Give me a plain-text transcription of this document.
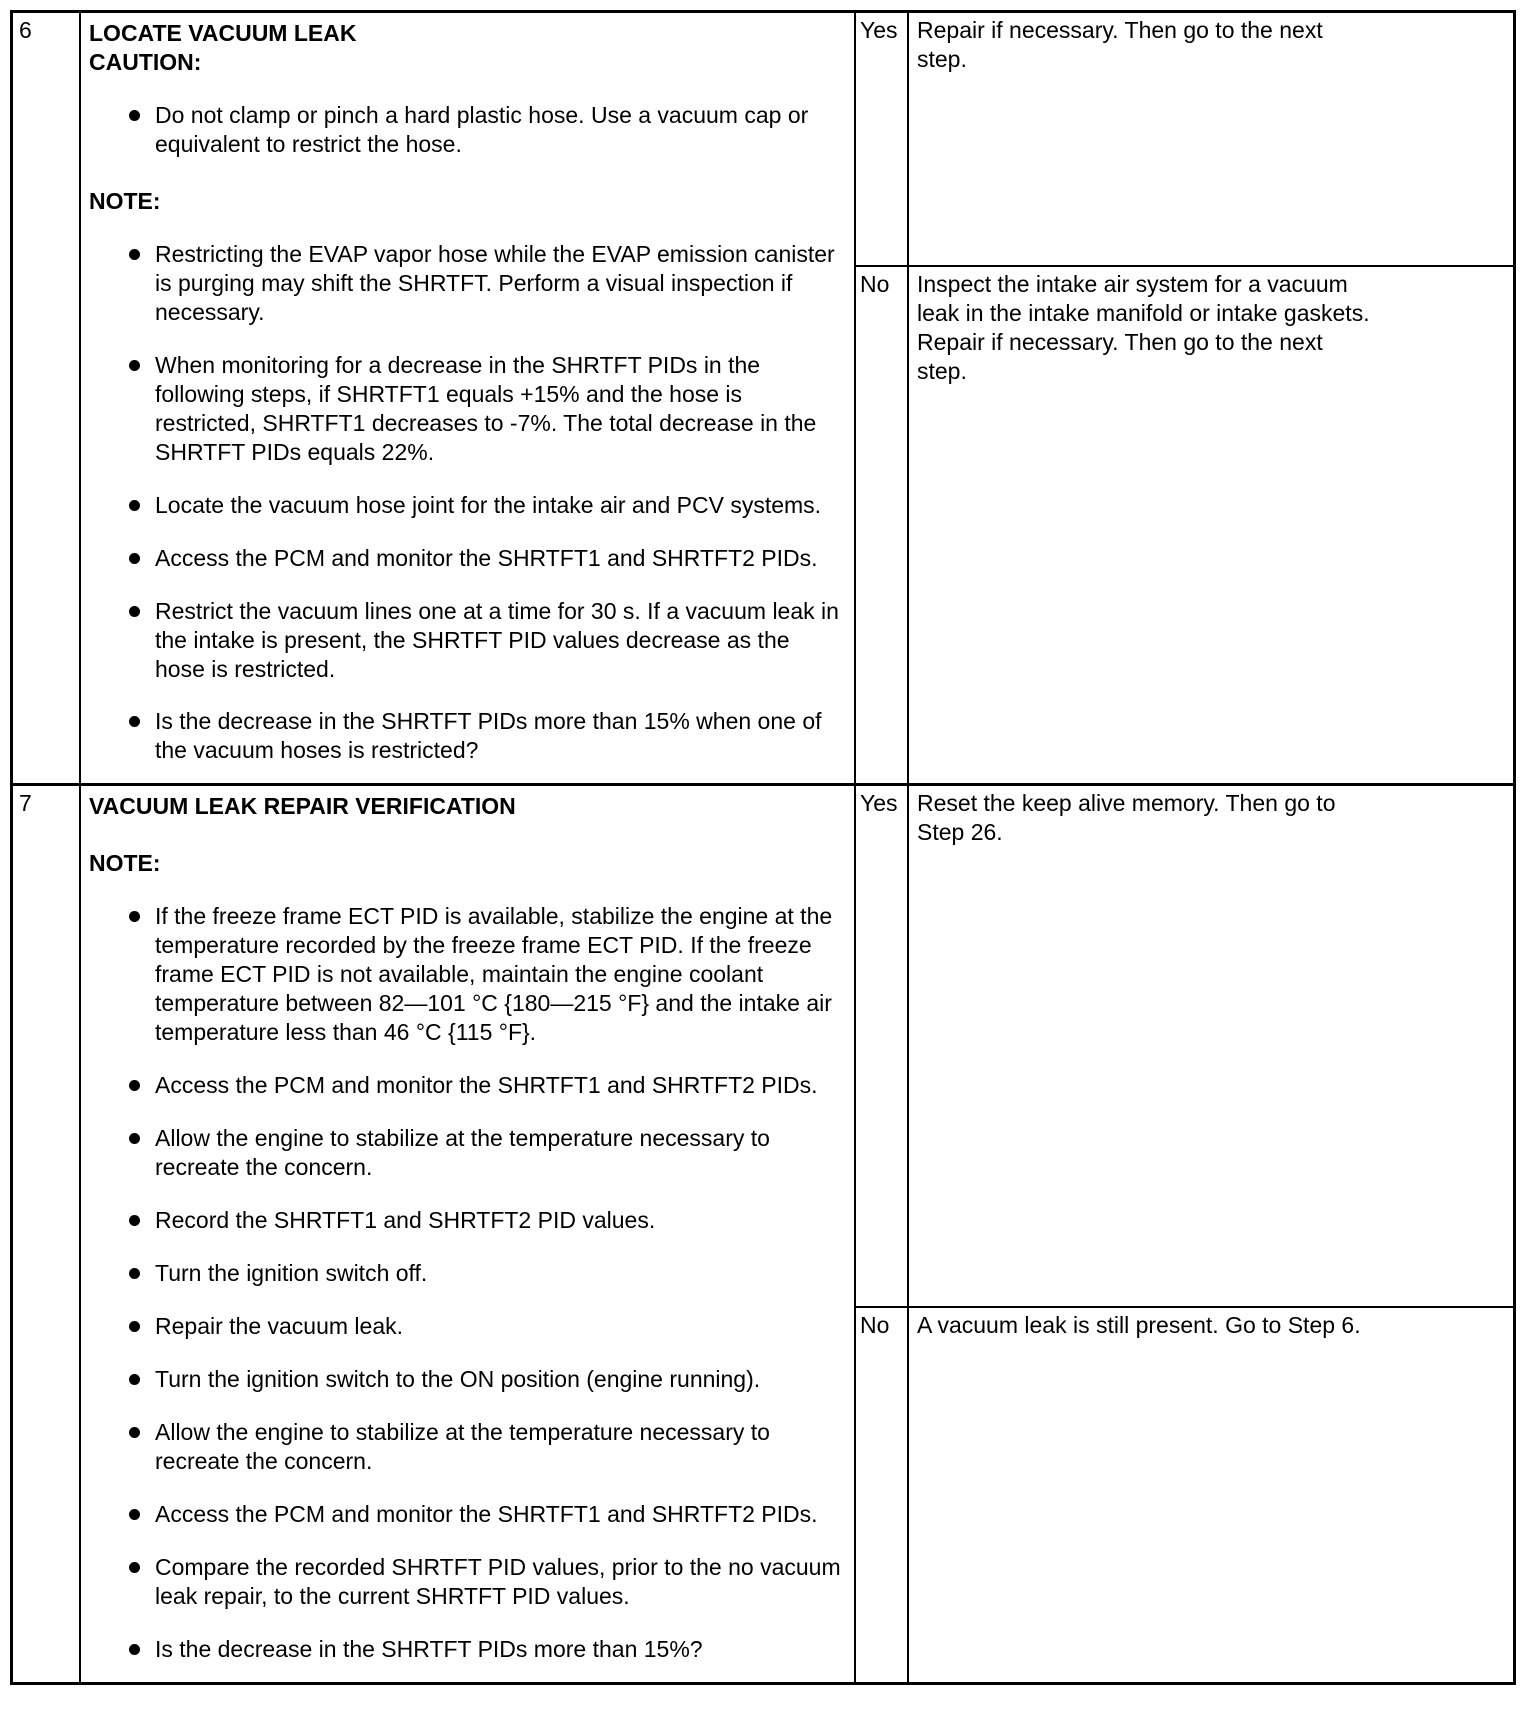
6	LOCATE VACUUM LEAK
CAUTION:
Do not clamp or pinch a hard plastic hose. Use a vacuum cap or equivalent to restrict the hose.
NOTE:
Restricting the EVAP vapor hose while the EVAP emission canister is purging may shift the SHRTFT. Perform a visual inspection if necessary.
When monitoring for a decrease in the SHRTFT PIDs in the following steps, if SHRTFT1 equals +15% and the hose is restricted, SHRTFT1 decreases to -7%. The total decrease in the SHRTFT PIDs equals 22%.
Locate the vacuum hose joint for the intake air and PCV systems.
Access the PCM and monitor the SHRTFT1 and SHRTFT2 PIDs.
Restrict the vacuum lines one at a time for 30 s. If a vacuum leak in the intake is present, the SHRTFT PID values decrease as the hose is restricted.
Is the decrease in the SHRTFT PIDs more than 15% when one of the vacuum hoses is restricted?
Yes Repair if necessary. Then go to the next step.
No	Inspect the intake air system for a vacuum leak in the intake manifold or intake gaskets. Repair if necessary. Then go to the next step.
7	VACUUM LEAK REPAIR VERIFICATION
NOTE:
If the freeze frame ECT PID is available, stabilize the engine at the temperature recorded by the freeze frame ECT PID. If the freeze frame ECT PID is not available, maintain the engine coolant temperature between 82—101 °C {180—215 °F} and the intake air temperature less than 46 °C {115 °F}.
Access the PCM and monitor the SHRTFT1 and SHRTFT2 PIDs.
Allow the engine to stabilize at the temperature necessary to recreate the concern.
Record the SHRTFT1 and SHRTFT2 PID values.
Turn the ignition switch off.
Repair the vacuum leak.
Turn the ignition switch to the ON position (engine running).
Allow the engine to stabilize at the temperature necessary to recreate the concern.
Access the PCM and monitor the SHRTFT1 and SHRTFT2 PIDs.
Compare the recorded SHRTFT PID values, prior to the no vacuum leak repair, to the current SHRTFT PID values.
Is the decrease in the SHRTFT PIDs more than 15%?
Yes Reset the keep alive memory. Then go to Step 26.
No	A vacuum leak is still present. Go to Step 6.
